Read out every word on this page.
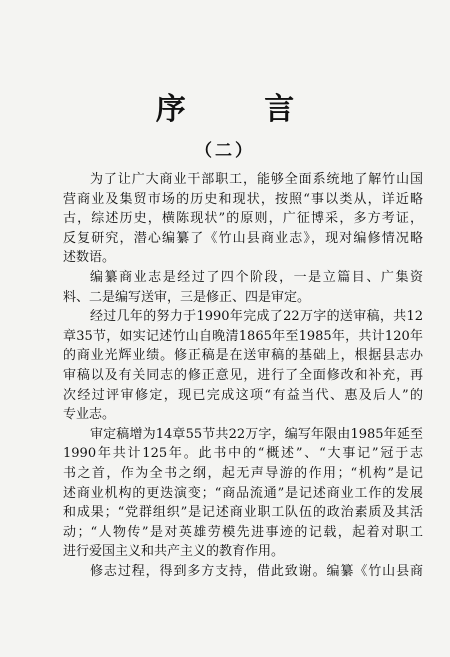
序 言
（二）
为了让广大商业干部职工，能够全面系统地了解竹山国
营商业及集贸市场的历史和现状，按照“事以类从，详近略
古，综述历史，横陈现状”的原则，广征博采，多方考证，
反复研究，潜心编纂了《竹山县商业志》，现对编修情况略
述数语。
编纂商业志是经过了四个阶段，一是立篇目、广集资
料、二是编写送审，三是修正、四是审定。
经过几年的努力于1990年完成了22万字的送审稿，共12
章35节，如实记述竹山自晚清1865年至1985年，共计120年
的商业光辉业绩。修正稿是在送审稿的基础上，根据县志办
审稿以及有关同志的修正意见，进行了全面修改和补充，再
次经过评审修定，现已完成这项“有益当代、惠及后人”的
专业志。
审定稿增为14章55节共22万字，编写年限由1985年延至
1990年共计125年。此书中的“概述”、“大事记”冠于志
书之首，作为全书之纲，起无声导游的作用；“机构”是记
述商业机构的更迭演变；“商品流通”是记述商业工作的发展
和成果；“党群组织”是记述商业职工队伍的政治素质及其活
动；“人物传”是对英雄劳模先进事迹的记载，起着对职工
进行爱国主义和共产主义的教育作用。
修志过程，得到多方支持，借此致谢。编纂《竹山县商
